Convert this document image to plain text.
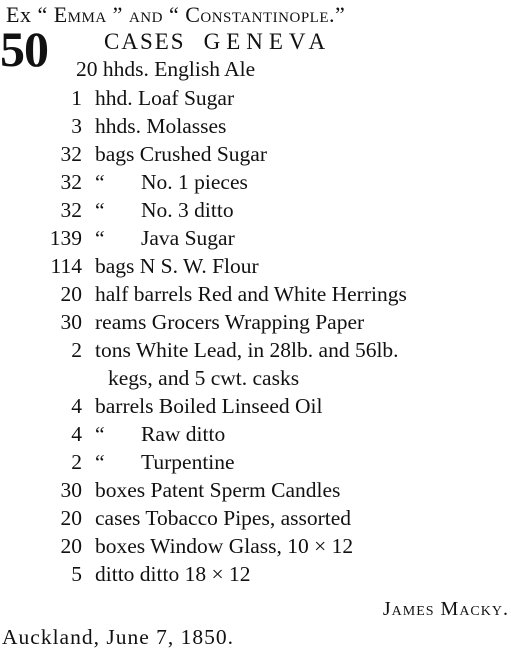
Ex “ Emma ” and “ Constantinople.”
50 CASES GENEVA
20 hhds. English Ale
1 hhd. Loaf Sugar
3 hhds. Molasses
32 bags Crushed Sugar
32 “ No. 1 pieces
32 “ No. 3 ditto
139 “ Java Sugar
114 bags N S. W. Flour
20 half barrels Red and White Herrings
30 reams Grocers Wrapping Paper
2 tons White Lead, in 28lb. and 56lb.
kegs, and 5 cwt. casks
4 barrels Boiled Linseed Oil
4 “ Raw ditto
2 “ Turpentine
30 boxes Patent Sperm Candles
20 cases Tobacco Pipes, assorted
20 boxes Window Glass, 10 × 12
5 ditto ditto 18 × 12
James Macky.
Auckland, June 7, 1850.
